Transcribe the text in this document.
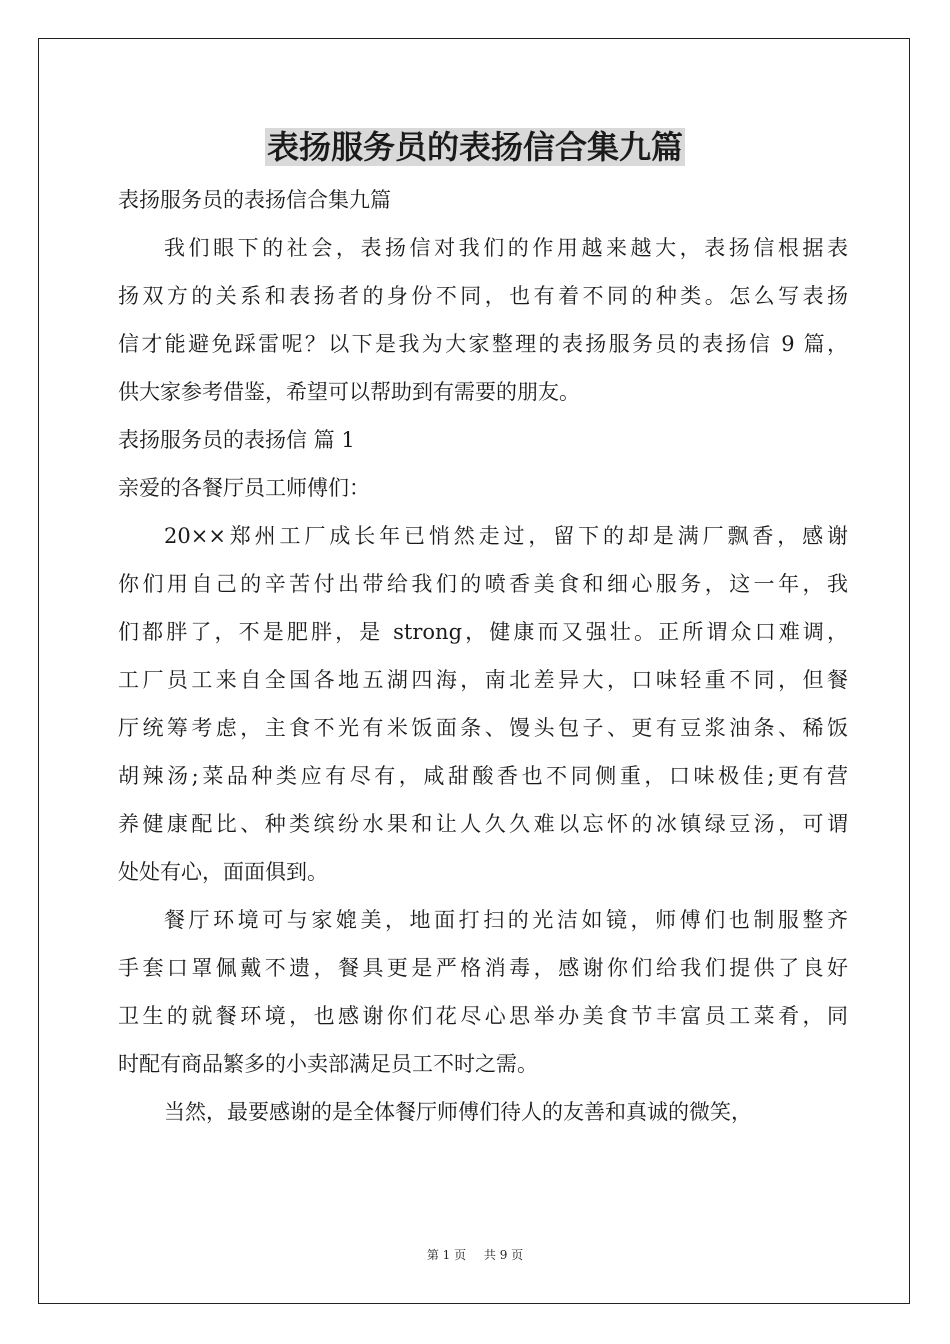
表扬服务员的表扬信合集九篇
表扬服务员的表扬信合集九篇
我们眼下的社会，表扬信对我们的作用越来越大，表扬信根据表
扬双方的关系和表扬者的身份不同，也有着不同的种类。怎么写表扬
信才能避免踩雷呢？以下是我为大家整理的表扬服务员的表扬信 9 篇，
供大家参考借鉴，希望可以帮助到有需要的朋友。
表扬服务员的表扬信 篇 1
亲爱的各餐厅员工师傅们：
20××郑州工厂成长年已悄然走过，留下的却是满厂飘香，感谢
你们用自己的辛苦付出带给我们的喷香美食和细心服务，这一年，我
们都胖了，不是肥胖，是 strong，健康而又强壮。正所谓众口难调，
工厂员工来自全国各地五湖四海，南北差异大，口味轻重不同，但餐
厅统筹考虑，主食不光有米饭面条、馒头包子、更有豆浆油条、稀饭
胡辣汤;菜品种类应有尽有，咸甜酸香也不同侧重，口味极佳;更有营
养健康配比、种类缤纷水果和让人久久难以忘怀的冰镇绿豆汤，可谓
处处有心，面面俱到。
餐厅环境可与家媲美，地面打扫的光洁如镜，师傅们也制服整齐
手套口罩佩戴不遗，餐具更是严格消毒，感谢你们给我们提供了良好
卫生的就餐环境，也感谢你们花尽心思举办美食节丰富员工菜肴，同
时配有商品繁多的小卖部满足员工不时之需。
当然，最要感谢的是全体餐厅师傅们待人的友善和真诚的微笑，
第 1 页 共 9 页
